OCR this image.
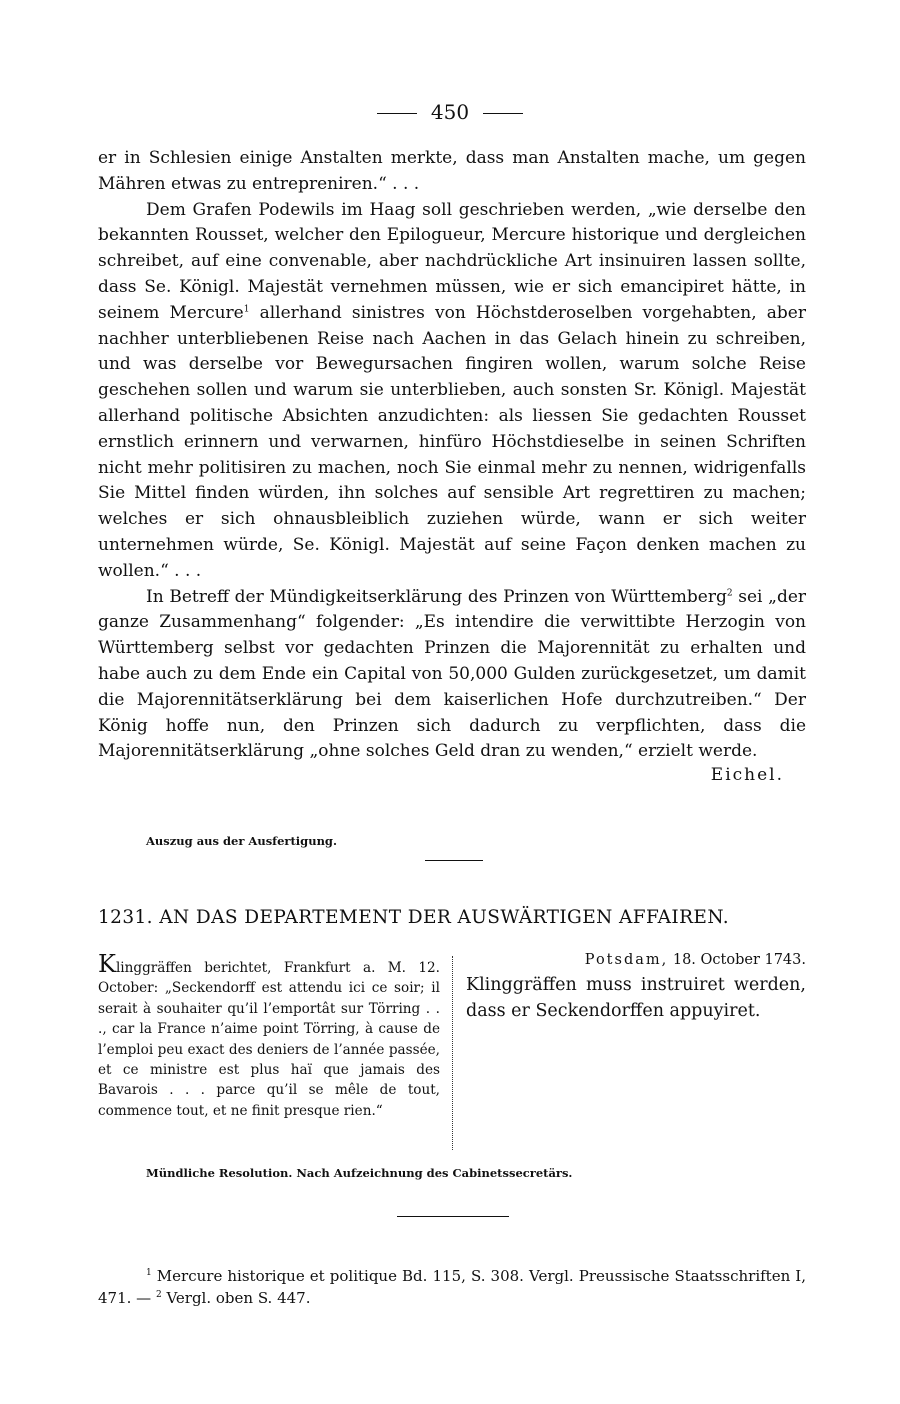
450

er in Schlesien einige Anstalten merkte, dass man Anstalten mache, um gegen Mähren etwas zu entrepreniren.“ . . .

Dem Grafen Podewils im Haag soll geschrieben werden, „wie derselbe den bekannten Rousset, welcher den Epilogueur, Mercure historique und dergleichen schreibet, auf eine convenable, aber nachdrückliche Art insinuiren lassen sollte, dass Se. Königl. Majestät vernehmen müssen, wie er sich emancipiret hätte, in seinem Mercure$^1$ allerhand sinistres von Höchstderoselben vorgehabten, aber nachher unterbliebenen Reise nach Aachen in das Gelach hinein zu schreiben, und was derselbe vor Bewegursachen fingiren wollen, warum solche Reise geschehen sollen und warum sie unterblieben, auch sonsten Sr. Königl. Majestät allerhand politische Absichten anzudichten: als liessen Sie gedachten Rousset ernstlich erinnern und verwarnen, hinfüro Höchstdieselbe in seinen Schriften nicht mehr politisiren zu machen, noch Sie einmal mehr zu nennen, widrigenfalls Sie Mittel finden würden, ihn solches auf sensible Art regrettiren zu machen; welches er sich ohnausbleiblich zuziehen würde, wann er sich weiter unternehmen würde, Se. Königl. Majestät auf seine Façon denken machen zu wollen.“ . . .

In Betreff der Mündigkeitserklärung des Prinzen von Württemberg$^2$ sei „der ganze Zusammenhang“ folgender: „Es intendire die verwittibte Herzogin von Württemberg selbst vor gedachten Prinzen die Majorennität zu erhalten und habe auch zu dem Ende ein Capital von 50,000 Gulden zurückgesetzet, um damit die Majorennitätserklärung bei dem kaiserlichen Hofe durchzutreiben.“ Der König hoffe nun, den Prinzen sich dadurch zu verpflichten, dass die Majorennitätserklärung „ohne solches Geld dran zu wenden,“ erzielt werde.

Eichel.
Auszug aus der Ausfertigung.
1231. AN DAS DEPARTEMENT DER AUSWÄRTIGEN AFFAIREN.
Klinggräffen berichtet, Frankfurt a. M. 12. October: „Seckendorff est attendu ici ce soir; il serait à souhaiter qu’il l’emportât sur Törring . . ., car la France n’aime point Törring, à cause de l’emploi peu exact des deniers de l’année passée, et ce ministre est plus haï que jamais des Bavarois . . . parce qu’il se mêle de tout, commence tout, et ne finit presque rien.“
Potsdam, 18. October 1743.
Klinggräffen muss instruiret werden, dass er Seckendorffen appuyiret.
Mündliche Resolution. Nach Aufzeichnung des Cabinetssecretärs.

$^1$ Mercure historique et politique Bd. 115, S. 308. Vergl. Preussische Staatsschriften I, 471. — $^2$ Vergl. oben S. 447.
